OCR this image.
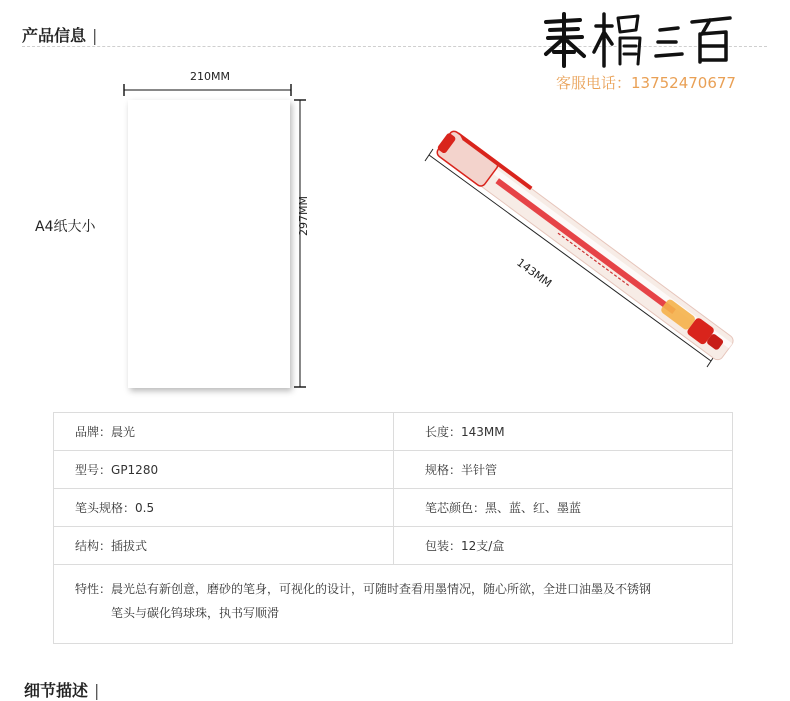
产品信息 |
奉橘三百
客服电话：13752470677
210MM
297MM
A4纸大小
143MM
品牌： 晨光	长度： 143MM
型号： GP1280	规格： 半针管
笔头规格： 0.5	笔芯颜色： 黑、蓝、红、墨蓝
结构： 插拔式	包装： 12支/盒
特性：晨光总有新创意，磨砂的笔身，可视化的设计，可随时查看用墨情况，随心所欲，全进口油墨及不锈钢
笔头与碳化钨球珠，执书写顺滑
细节描述 |
